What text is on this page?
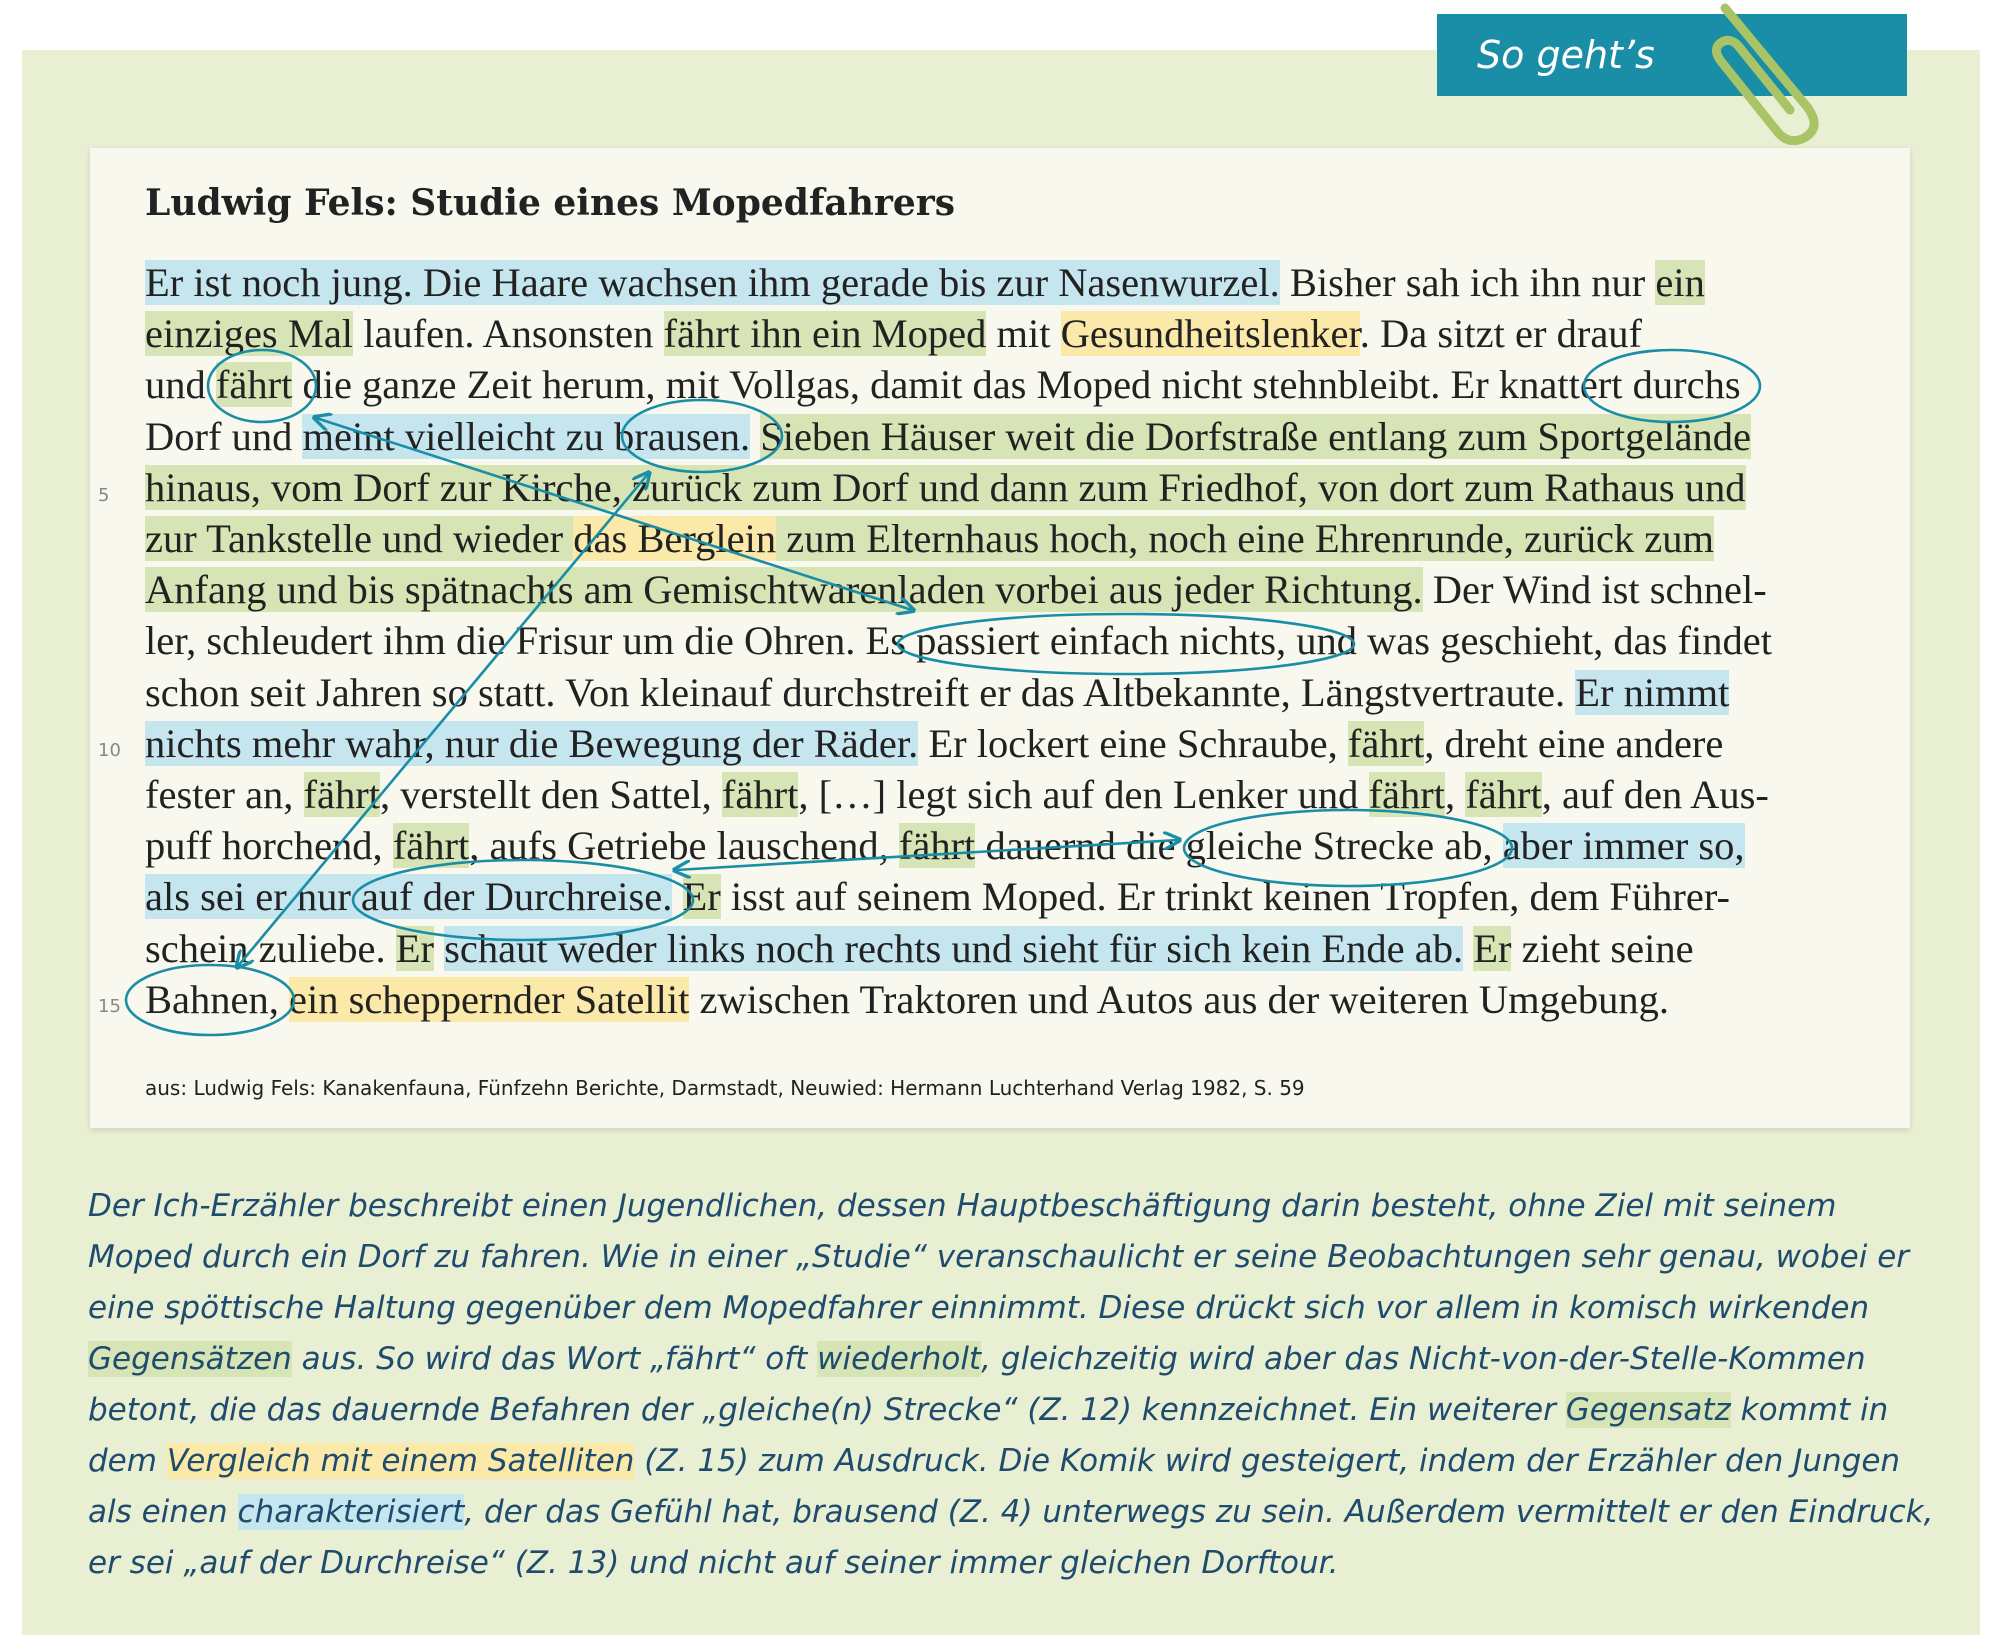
So geht’s
Ludwig Fels: Studie eines Mopedfahrers
Er ist noch jung. Die Haare wachsen ihm gerade bis zur Nasenwurzel. Bisher sah ich ihn nur ein
einziges Mal laufen. Ansonsten fährt ihn ein Moped mit Gesundheitslenker. Da sitzt er drauf
und fährt die ganze Zeit herum, mit Vollgas, damit das Moped nicht stehnbleibt. Er knattert durchs
Dorf und meint vielleicht zu brausen. Sieben Häuser weit die Dorfstraße entlang zum Sportgelände
hinaus, vom Dorf zur Kirche, zurück zum Dorf und dann zum Friedhof, von dort zum Rathaus und
zur Tankstelle und wieder das Berglein zum Elternhaus hoch, noch eine Ehrenrunde, zurück zum
Anfang und bis spätnachts am Gemischtwarenladen vorbei aus jeder Richtung. Der Wind ist schnel-
ler, schleudert ihm die Frisur um die Ohren. Es passiert einfach nichts, und was geschieht, das findet
schon seit Jahren so statt. Von kleinauf durchstreift er das Altbekannte, Längstvertraute. Er nimmt
nichts mehr wahr, nur die Bewegung der Räder. Er lockert eine Schraube, fährt, dreht eine andere
fester an, fährt, verstellt den Sattel, fährt, […] legt sich auf den Lenker und fährt, fährt, auf den Aus-
puff horchend, fährt, aufs Getriebe lauschend, fährt dauernd die gleiche Strecke ab, aber immer so,
als sei er nur auf der Durchreise. Er isst auf seinem Moped. Er trinkt keinen Tropfen, dem Führer-
schein zuliebe. Er schaut weder links noch rechts und sieht für sich kein Ende ab. Er zieht seine
Bahnen, ein scheppernder Satellit zwischen Traktoren und Autos aus der weiteren Umgebung.
5
10
15
aus: Ludwig Fels: Kanakenfauna, Fünfzehn Berichte, Darmstadt, Neuwied: Hermann Luchterhand Verlag 1982, S. 59
Der Ich-Erzähler beschreibt einen Jugendlichen, dessen Hauptbeschäftigung darin besteht, ohne Ziel mit seinem
Moped durch ein Dorf zu fahren. Wie in einer „Studie“ veranschaulicht er seine Beobachtungen sehr genau, wobei er
eine spöttische Haltung gegenüber dem Mopedfahrer einnimmt. Diese drückt sich vor allem in komisch wirkenden
Gegensätzen aus. So wird das Wort „fährt“ oft wiederholt, gleichzeitig wird aber das Nicht-von-der-Stelle-Kommen
betont, die das dauernde Befahren der „gleiche(n) Strecke“ (Z. 12) kennzeichnet. Ein weiterer Gegensatz kommt in
dem Vergleich mit einem Satelliten (Z. 15) zum Ausdruck. Die Komik wird gesteigert, indem der Erzähler den Jungen
als einen charakterisiert, der das Gefühl hat, brausend (Z. 4) unterwegs zu sein. Außerdem vermittelt er den Eindruck,
er sei „auf der Durchreise“ (Z. 13) und nicht auf seiner immer gleichen Dorftour.
